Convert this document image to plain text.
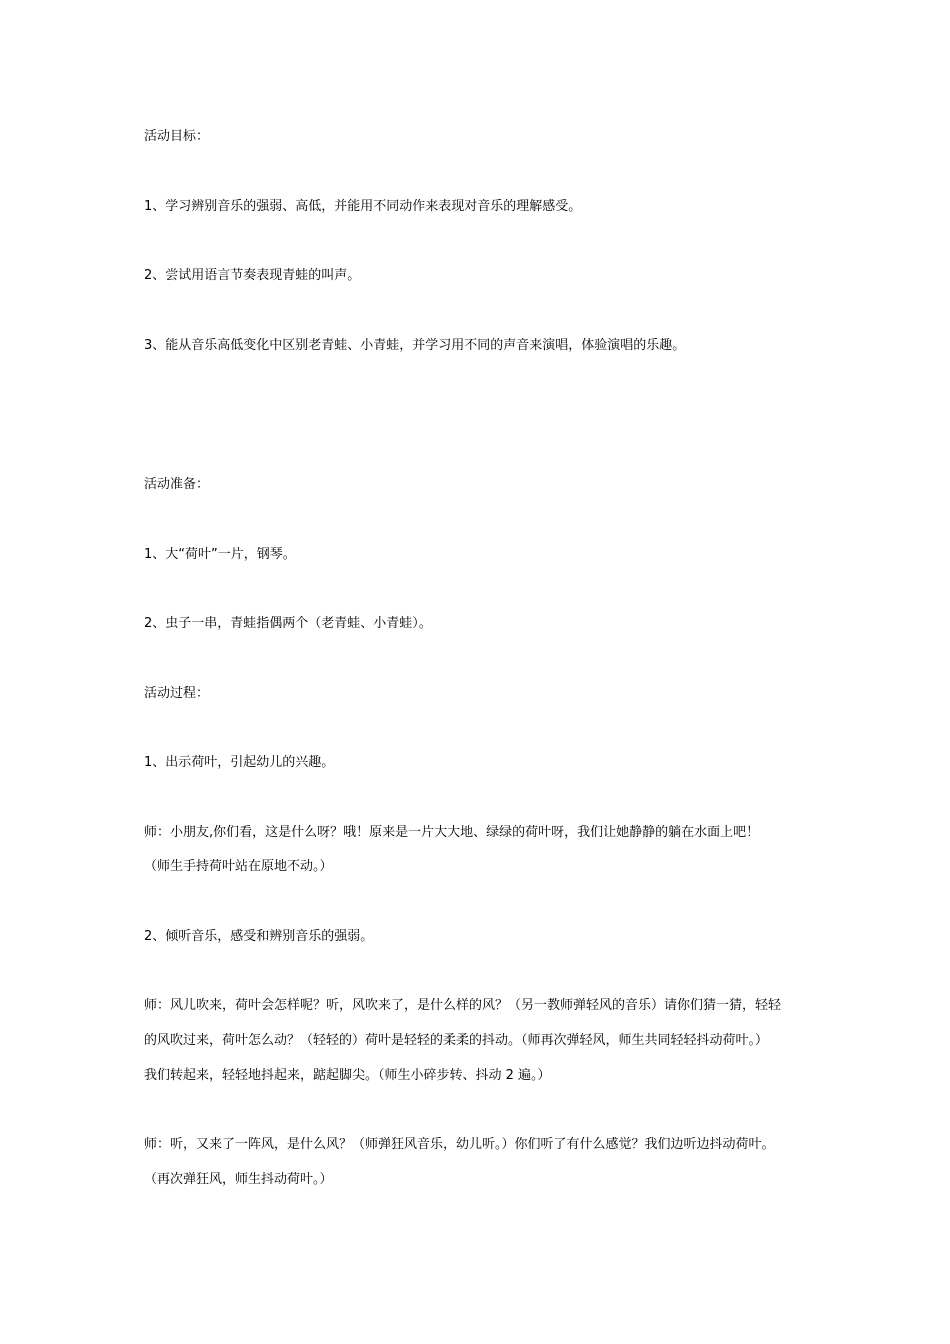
活动目标：
1、学习辨别音乐的强弱、高低，并能用不同动作来表现对音乐的理解感受。
2、尝试用语言节奏表现青蛙的叫声。
3、能从音乐高低变化中区别老青蛙、小青蛙，并学习用不同的声音来演唱，体验演唱的乐趣。
活动准备：
1、大“荷叶”一片，钢琴。
2、虫子一串，青蛙指偶两个（老青蛙、小青蛙）。
活动过程：
1、出示荷叶，引起幼儿的兴趣。
师：小朋友,你们看，这是什么呀？哦！原来是一片大大地、绿绿的荷叶呀，我们让她静静的躺在水面上吧！
（师生手持荷叶站在原地不动。）
2、倾听音乐，感受和辨别音乐的强弱。
师：风儿吹来，荷叶会怎样呢？听，风吹来了，是什么样的风？（另一教师弹轻风的音乐）请你们猜一猜，轻轻
的风吹过来，荷叶怎么动？（轻轻的）荷叶是轻轻的柔柔的抖动。（师再次弹轻风，师生共同轻轻抖动荷叶。）
我们转起来，轻轻地抖起来，踮起脚尖。（师生小碎步转、抖动 2 遍。）
师：听，又来了一阵风，是什么风？（师弹狂风音乐，幼儿听。）你们听了有什么感觉？我们边听边抖动荷叶。
（再次弹狂风，师生抖动荷叶。）
